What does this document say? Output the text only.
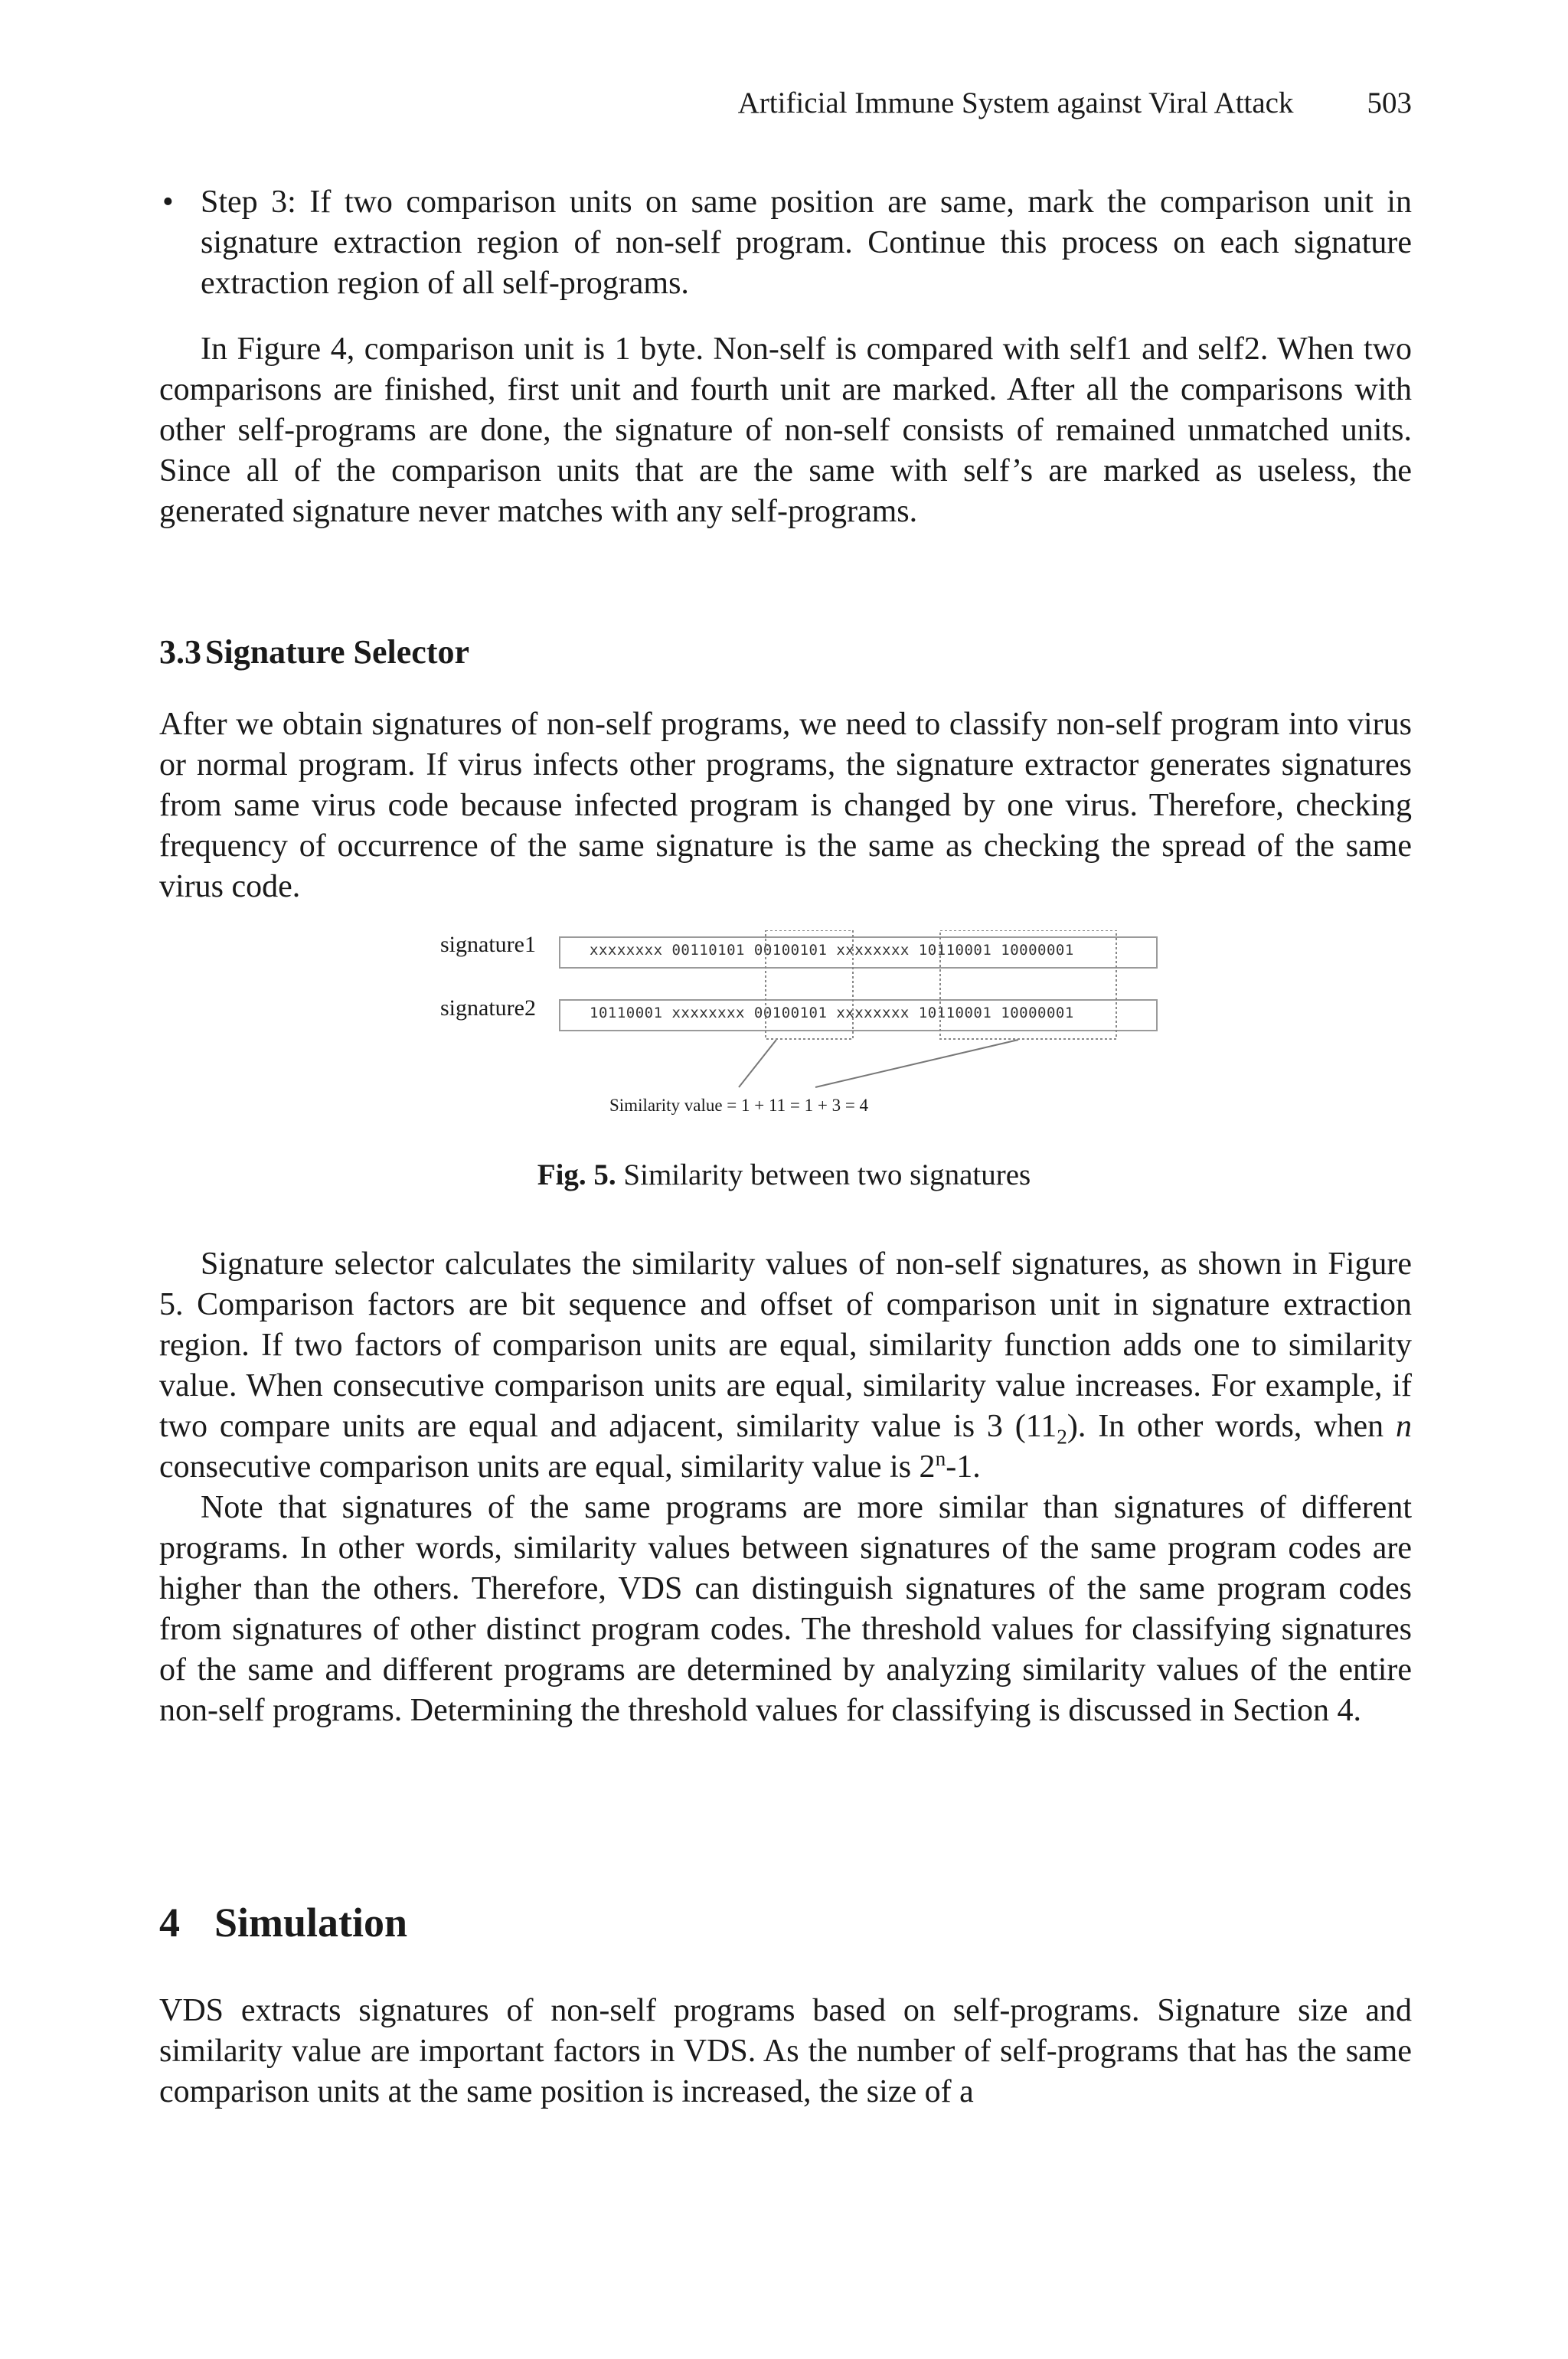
Artificial Immune System against Viral Attack 503
• Step 3: If two comparison units on same position are same, mark the comparison unit in signature extraction region of non-self program. Continue this process on each signature extraction region of all self-programs.

In Figure 4, comparison unit is 1 byte. Non-self is compared with self1 and self2. When two comparisons are finished, first unit and fourth unit are marked. After all the comparisons with other self-programs are done, the signature of non-self consists of remained unmatched units. Since all of the comparison units that are the same with self’s are marked as useless, the generated signature never matches with any self-programs.

3.3 Signature Selector

After we obtain signatures of non-self programs, we need to classify non-self program into virus or normal program. If virus infects other programs, the signature extractor generates signatures from same virus code because infected program is changed by one virus. Therefore, checking frequency of occurrence of the same signature is the same as checking the spread of the same virus code.

signature1
signature2
xxxxxxxx 00110101 00100101 xxxxxxxx 10110001 10000001
10110001 xxxxxxxx 00100101 xxxxxxxx 10110001 10000001
Similarity value = 1 + 11 = 1 + 3 = 4
Fig. 5. Similarity between two signatures

Signature selector calculates the similarity values of non-self signatures, as shown in Figure 5. Comparison factors are bit sequence and offset of comparison unit in signature extraction region. If two factors of comparison units are equal, similarity function adds one to similarity value. When consecutive comparison units are equal, similarity value increases. For example, if two compare units are equal and adjacent, similarity value is 3 $(11_2)$. In other words, when n consecutive comparison units are equal, similarity value is 2$^n$-1.

Note that signatures of the same programs are more similar than signatures of different programs. In other words, similarity values between signatures of the same program codes are higher than the others. Therefore, VDS can distinguish signatures of the same program codes from signatures of other distinct program codes. The threshold values for classifying signatures of the same and different programs are determined by analyzing similarity values of the entire non-self programs. Determining the threshold values for classifying is discussed in Section 4.

4 Simulation

VDS extracts signatures of non-self programs based on self-programs. Signature size and similarity value are important factors in VDS. As the number of self-programs that has the same comparison units at the same position is increased, the size of a
